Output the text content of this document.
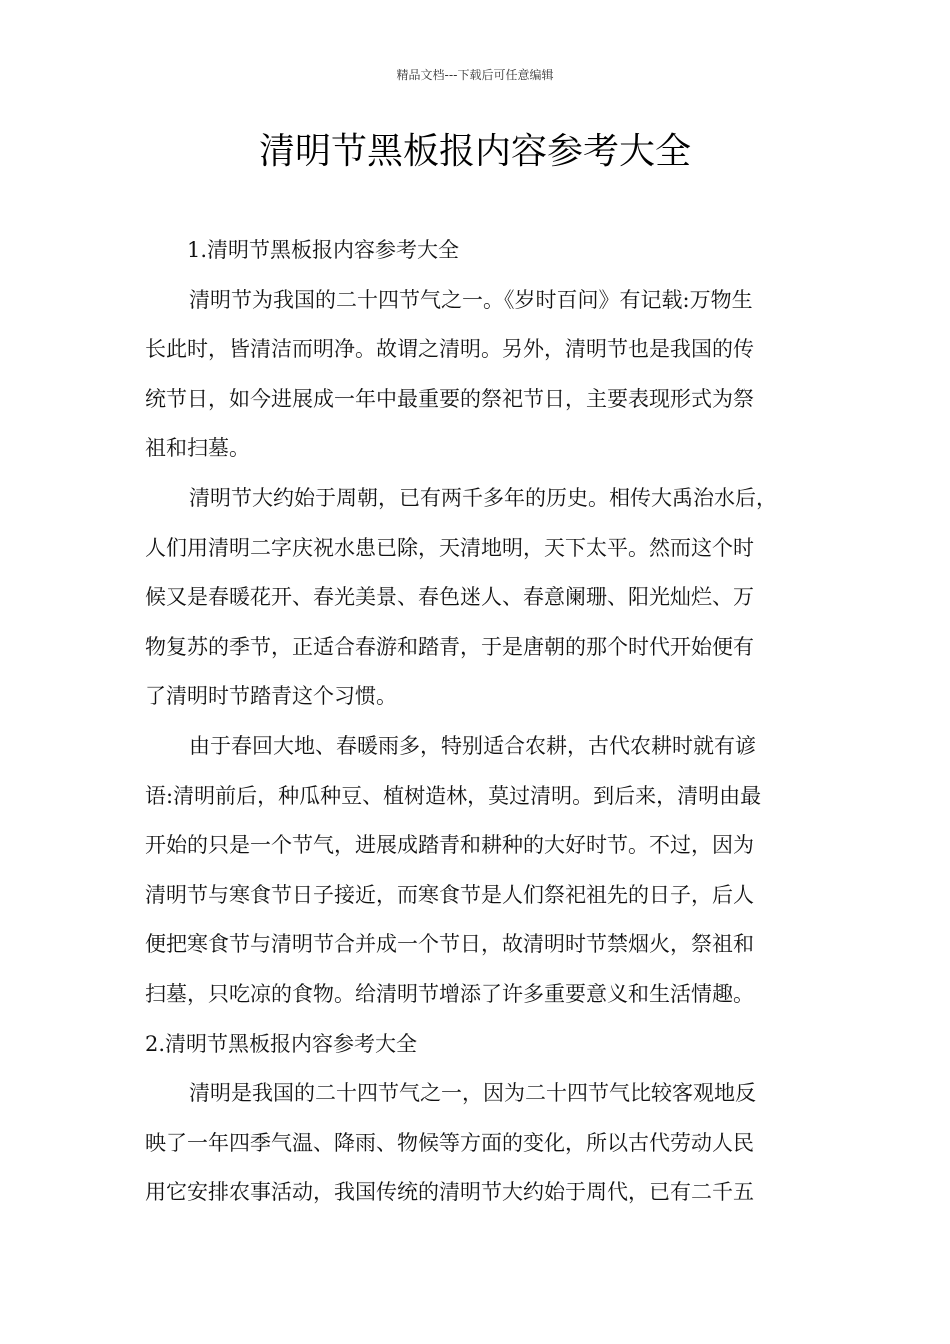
精品文档---下载后可任意编辑
清明节黑板报内容参考大全
1.清明节黑板报内容参考大全
清明节为我国的二十四节气之一。《岁时百问》有记载:万物生
长此时，皆清洁而明净。故谓之清明。另外，清明节也是我国的传
统节日，如今进展成一年中最重要的祭祀节日，主要表现形式为祭
祖和扫墓。
清明节大约始于周朝，已有两千多年的历史。相传大禹治水后，
人们用清明二字庆祝水患已除，天清地明，天下太平。然而这个时
候又是春暖花开、春光美景、春色迷人、春意阑珊、阳光灿烂、万
物复苏的季节，正适合春游和踏青，于是唐朝的那个时代开始便有
了清明时节踏青这个习惯。
由于春回大地、春暖雨多，特别适合农耕，古代农耕时就有谚
语:清明前后，种瓜种豆、植树造林，莫过清明。到后来，清明由最
开始的只是一个节气，进展成踏青和耕种的大好时节。不过，因为
清明节与寒食节日子接近，而寒食节是人们祭祀祖先的日子，后人
便把寒食节与清明节合并成一个节日，故清明时节禁烟火，祭祖和
扫墓，只吃凉的食物。给清明节增添了许多重要意义和生活情趣。
2.清明节黑板报内容参考大全
清明是我国的二十四节气之一，因为二十四节气比较客观地反
映了一年四季气温、降雨、物候等方面的变化，所以古代劳动人民
用它安排农事活动，我国传统的清明节大约始于周代，已有二千五
